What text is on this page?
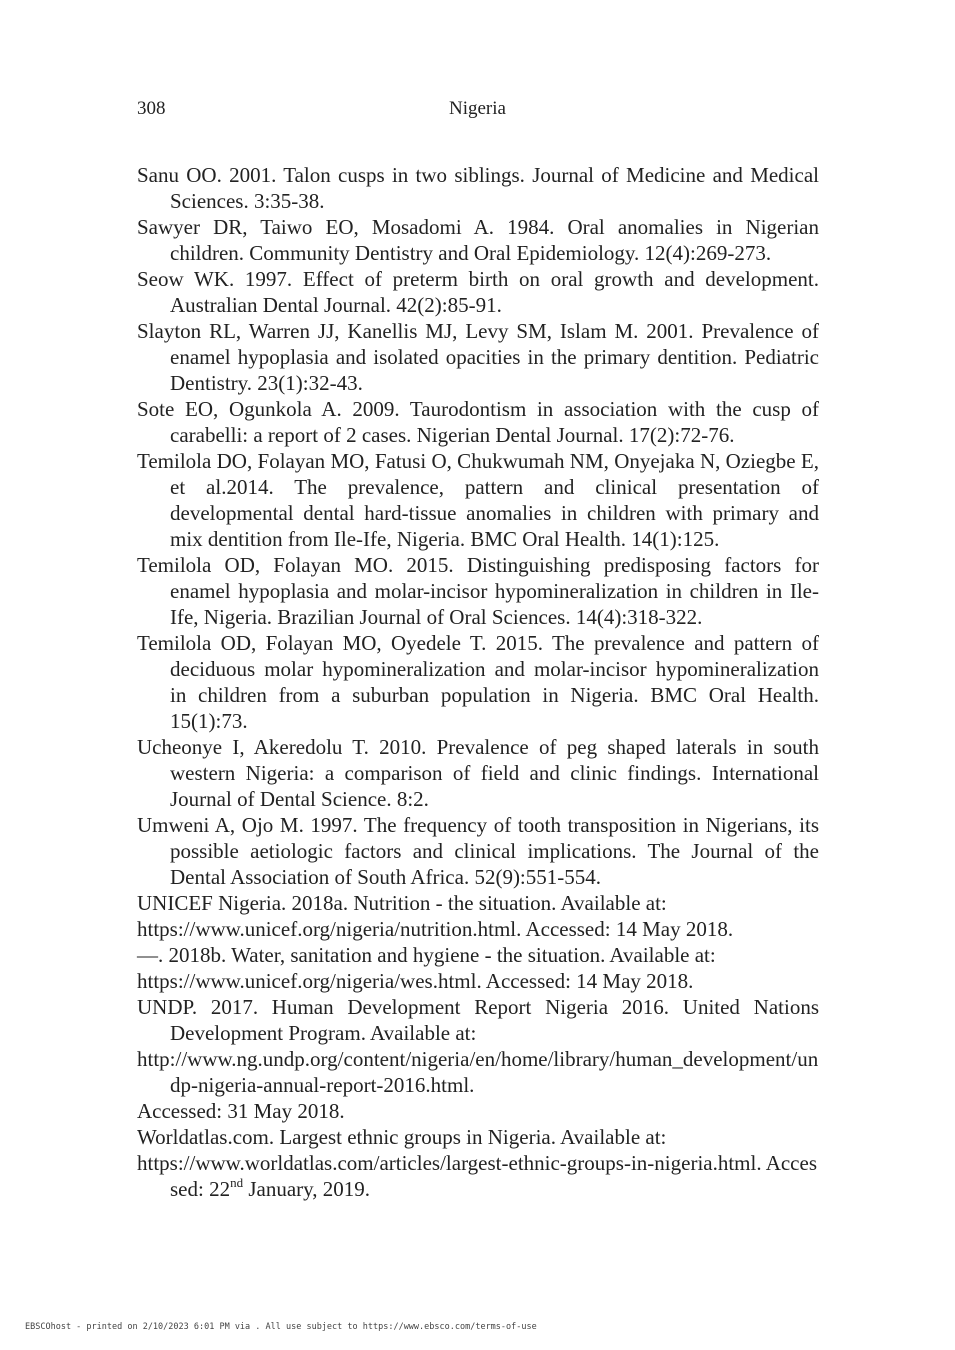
308	Nigeria
Sanu OO. 2001. Talon cusps in two siblings. Journal of Medicine and Medical Sciences. 3:35-38.
Sawyer DR, Taiwo EO, Mosadomi A. 1984. Oral anomalies in Nigerian children. Community Dentistry and Oral Epidemiology. 12(4):269-273.
Seow WK. 1997. Effect of preterm birth on oral growth and development. Australian Dental Journal. 42(2):85-91.
Slayton RL, Warren JJ, Kanellis MJ, Levy SM, Islam M. 2001. Prevalence of enamel hypoplasia and isolated opacities in the primary dentition. Pediatric Dentistry. 23(1):32-43.
Sote EO, Ogunkola A. 2009. Taurodontism in association with the cusp of carabelli: a report of 2 cases. Nigerian Dental Journal. 17(2):72-76.
Temilola DO, Folayan MO, Fatusi O, Chukwumah NM, Onyejaka N, Oziegbe E, et al.2014. The prevalence, pattern and clinical presentation of developmental dental hard-tissue anomalies in children with primary and mix dentition from Ile-Ife, Nigeria. BMC Oral Health. 14(1):125.
Temilola OD, Folayan MO. 2015. Distinguishing predisposing factors for enamel hypoplasia and molar-incisor hypomineralization in children in Ile-Ife, Nigeria. Brazilian Journal of Oral Sciences. 14(4):318-322.
Temilola OD, Folayan MO, Oyedele T. 2015. The prevalence and pattern of deciduous molar hypomineralization and molar-incisor hypomineralization in children from a suburban population in Nigeria. BMC Oral Health. 15(1):73.
Ucheonye I, Akeredolu T. 2010. Prevalence of peg shaped laterals in south western Nigeria: a comparison of field and clinic findings. International Journal of Dental Science. 8:2.
Umweni A, Ojo M. 1997. The frequency of tooth transposition in Nigerians, its possible aetiologic factors and clinical implications. The Journal of the Dental Association of South Africa. 52(9):551-554.
UNICEF Nigeria. 2018a. Nutrition - the situation. Available at:
https://www.unicef.org/nigeria/nutrition.html. Accessed: 14 May 2018.
—. 2018b. Water, sanitation and hygiene - the situation. Available at:
https://www.unicef.org/nigeria/wes.html. Accessed: 14 May 2018.
UNDP. 2017. Human Development Report Nigeria 2016. United Nations Development Program. Available at:
http://www.ng.undp.org/content/nigeria/en/home/library/human_development/undp-nigeria-annual-report-2016.html.
Accessed: 31 May 2018.
Worldatlas.com. Largest ethnic groups in Nigeria. Available at:
https://www.worldatlas.com/articles/largest-ethnic-groups-in-nigeria.html. Accessed: 22nd January, 2019.
EBSCOhost - printed on 2/10/2023 6:01 PM via . All use subject to https://www.ebsco.com/terms-of-use
